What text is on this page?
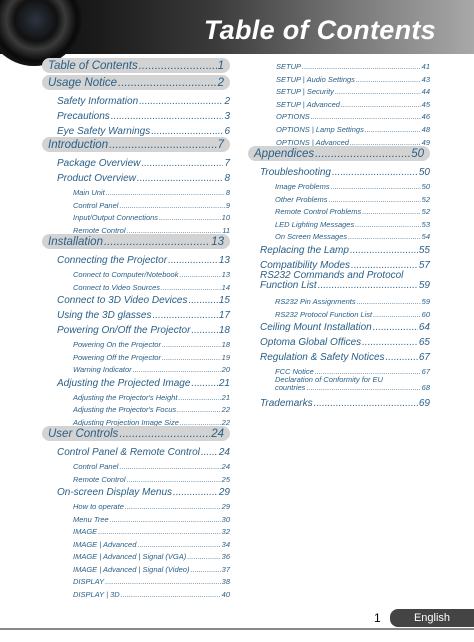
Table of Contents
Table of Contents .....	1
Usage Notice .....	2
Safety Information .....	2
Precautions .....	3
Eye Safety Warnings .....	6
Introduction .....	7
Package Overview .....	7
Product Overview .....	8
Main Unit .....	8
Control Panel .....	9
Input/Output Connections .....	10
Remote Control .....	11
Installation .....	13
Connecting the Projector .....	13
Connect to Computer/Notebook .....	13
Connect to Video Sources .....	14
Connect to 3D Video Devices .....	15
Using the 3D glasses .....	17
Powering On/Off the Projector .....	18
Powering On the Projector .....	18
Powering Off the Projector .....	19
Warning Indicator .....	20
Adjusting the Projected Image .....	21
Adjusting the Projector's Height .....	21
Adjusting the Projector's Focus .....	22
Adjusting Projection Image Size .....	22
User Controls .....	24
Control Panel & Remote Control ..... 24
Control Panel .....	24
Remote Control .....	25
On-screen Display Menus .....	29
How to operate .....	29
Menu Tree .....	30
IMAGE .....	32
IMAGE | Advanced .....	34
IMAGE | Advanced | Signal (VGA) .....	36
IMAGE | Advanced | Signal (Video) .....	37
DISPLAY .....	38
DISPLAY | 3D .....	40
SETUP .....	41
SETUP | Audio Settings .....	43
SETUP | Security .....	44
SETUP | Advanced .....	45
OPTIONS .....	46
OPTIONS | Lamp Settings .....	48
OPTIONS | Advanced .....	49
Appendices .....	50
Troubleshooting .....	50
Image Problems .....	50
Other Problems .....	52
Remote Control Problems .....	52
LED Lighting Messages .....	53
On Screen Messages .....	54
Replacing the Lamp .....	55
Compatibility Modes .....	57
RS232 Commands and Protocol
Function List .....	59
RS232 Pin Assignments .....	59
RS232 Protocol Function List .....	60
Ceiling Mount Installation .....	64
Optoma Global Offices .....	65
Regulation & Safety Notices .....	67
FCC Notice .....	67
Declaration of Conformity for EU
countries .....	68
Trademarks .....	69
1	English
